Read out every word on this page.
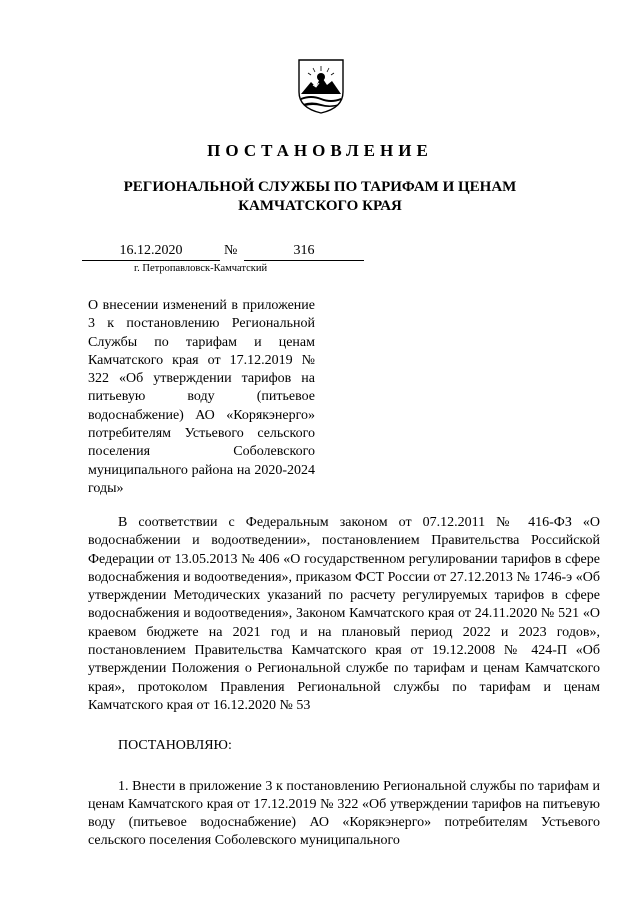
ПОСТАНОВЛЕНИЕ
РЕГИОНАЛЬНОЙ СЛУЖБЫ ПО ТАРИФАМ И ЦЕНАМ
КАМЧАТСКОГО КРАЯ
16.12.2020	№	316
г. Петропавловск-Камчатский
О внесении изменений в приложение 3 к постановлению Региональной Службы по тарифам и ценам Камчатского края от 17.12.2019 № 322 «Об утверждении тарифов на питьевую воду (питьевое водоснабжение) АО «Корякэнерго» потребителям Устьевого сельского поселения Соболевского муниципального района на 2020-2024 годы»

В соответствии с Федеральным законом от 07.12.2011 № 416-ФЗ «О водоснабжении и водоотведении», постановлением Правительства Российской Федерации от 13.05.2013 № 406 «О государственном регулировании тарифов в сфере водоснабжения и водоотведения», приказом ФСТ России от 27.12.2013 № 1746-э «Об утверждении Методических указаний по расчету регулируемых тарифов в сфере водоснабжения и водоотведения», Законом Камчатского края от 24.11.2020 № 521 «О краевом бюджете на 2021 год и на плановый период 2022 и 2023 годов», постановлением Правительства Камчатского края от 19.12.2008 № 424-П «Об утверждении Положения о Региональной службе по тарифам и ценам Камчатского края», протоколом Правления Региональной службы по тарифам и ценам Камчатского края от 16.12.2020 № 53

ПОСТАНОВЛЯЮ:

1. Внести в приложение 3 к постановлению Региональной службы по тарифам и ценам Камчатского края от 17.12.2019 № 322 «Об утверждении тарифов на питьевую воду (питьевое водоснабжение) АО «Корякэнерго» потребителям Устьевого сельского поселения Соболевского муниципального
